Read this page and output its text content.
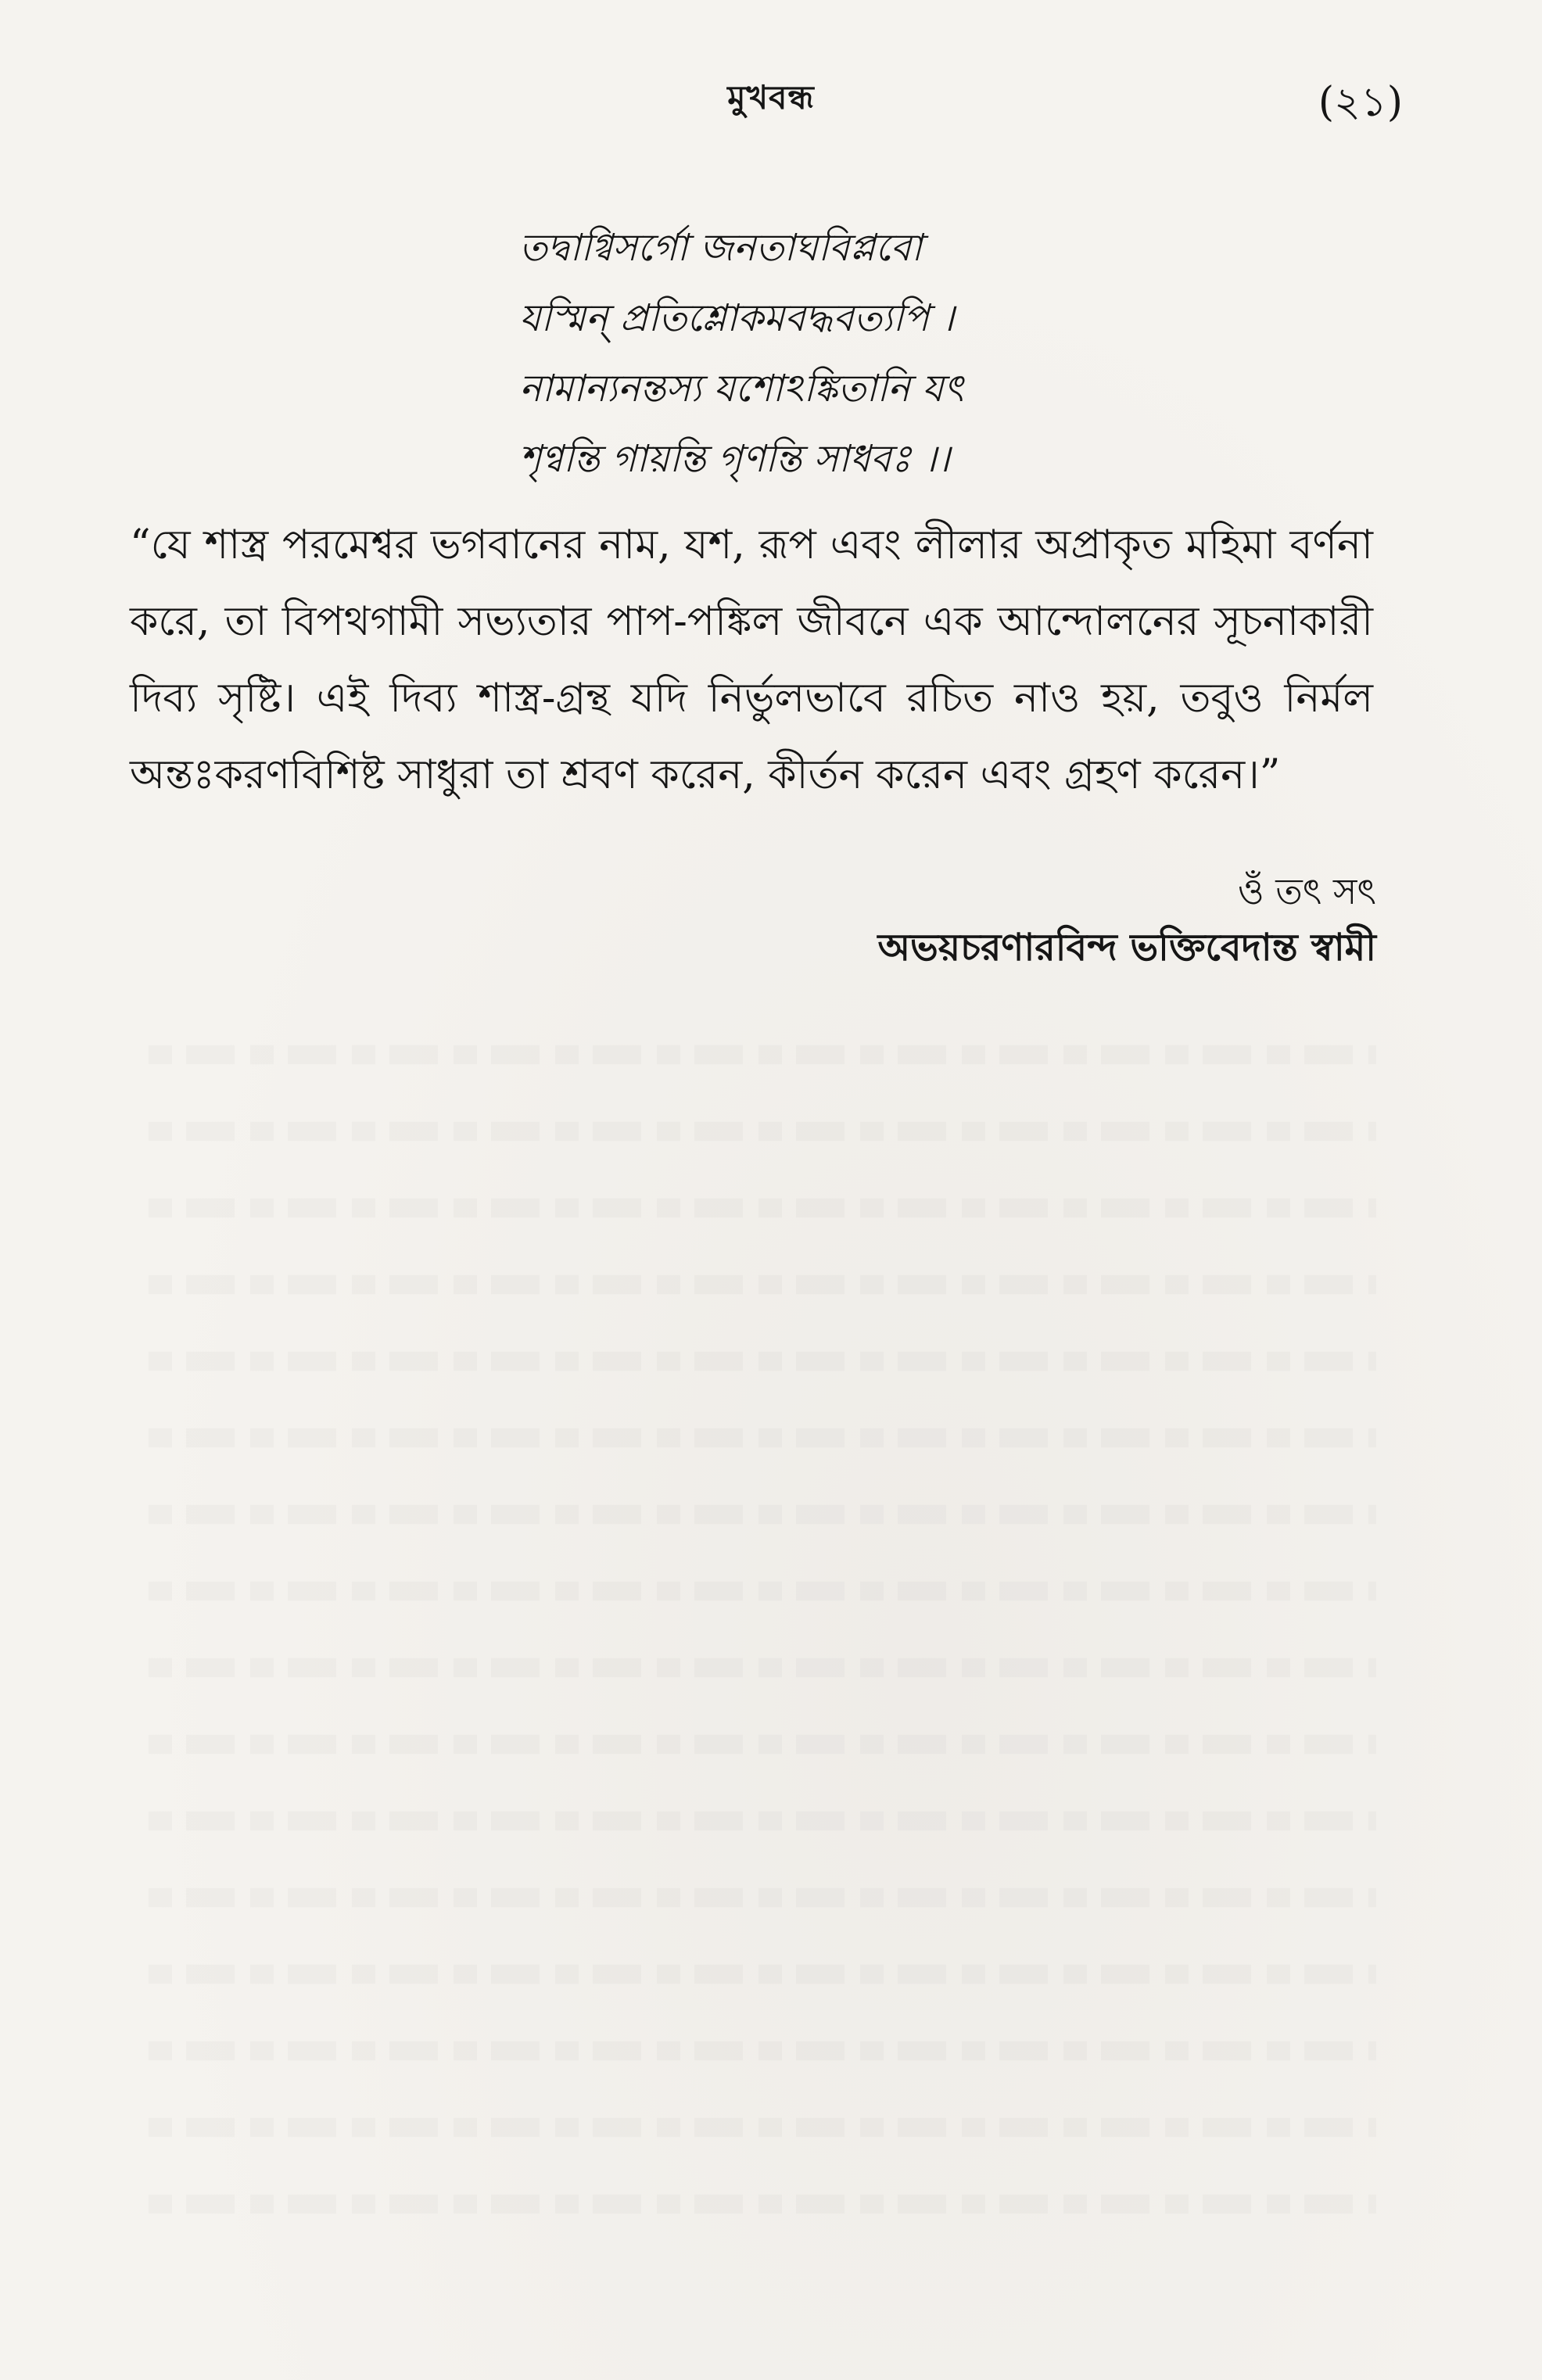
মুখবন্ধ	(২১)
তদ্বাগ্বিসর্গো জনতাঘবিপ্লবো
যস্মিন্ প্রতিশ্লোকমবদ্ধবত্যপি ।
নামান্যনন্তস্য যশোঽঙ্কিতানি যৎ
শৃণ্বন্তি গায়ন্তি গৃণন্তি সাধবঃ ।।
“যে শাস্ত্র পরমেশ্বর ভগবানের নাম, যশ, রূপ এবং লীলার অপ্রাকৃত মহিমা বর্ণনা করে, তা বিপথগামী সভ্যতার পাপ-পঙ্কিল জীবনে এক আন্দোলনের সূচনাকারী দিব্য সৃষ্টি। এই দিব্য শাস্ত্র-গ্রন্থ যদি নির্ভুলভাবে রচিত নাও হয়, তবুও নির্মল অন্তঃকরণবিশিষ্ট সাধুরা তা শ্রবণ করেন, কীর্তন করেন এবং গ্রহণ করেন।”
ওঁ তৎ সৎ
অভয়চরণারবিন্দ ভক্তিবেদান্ত স্বামী
